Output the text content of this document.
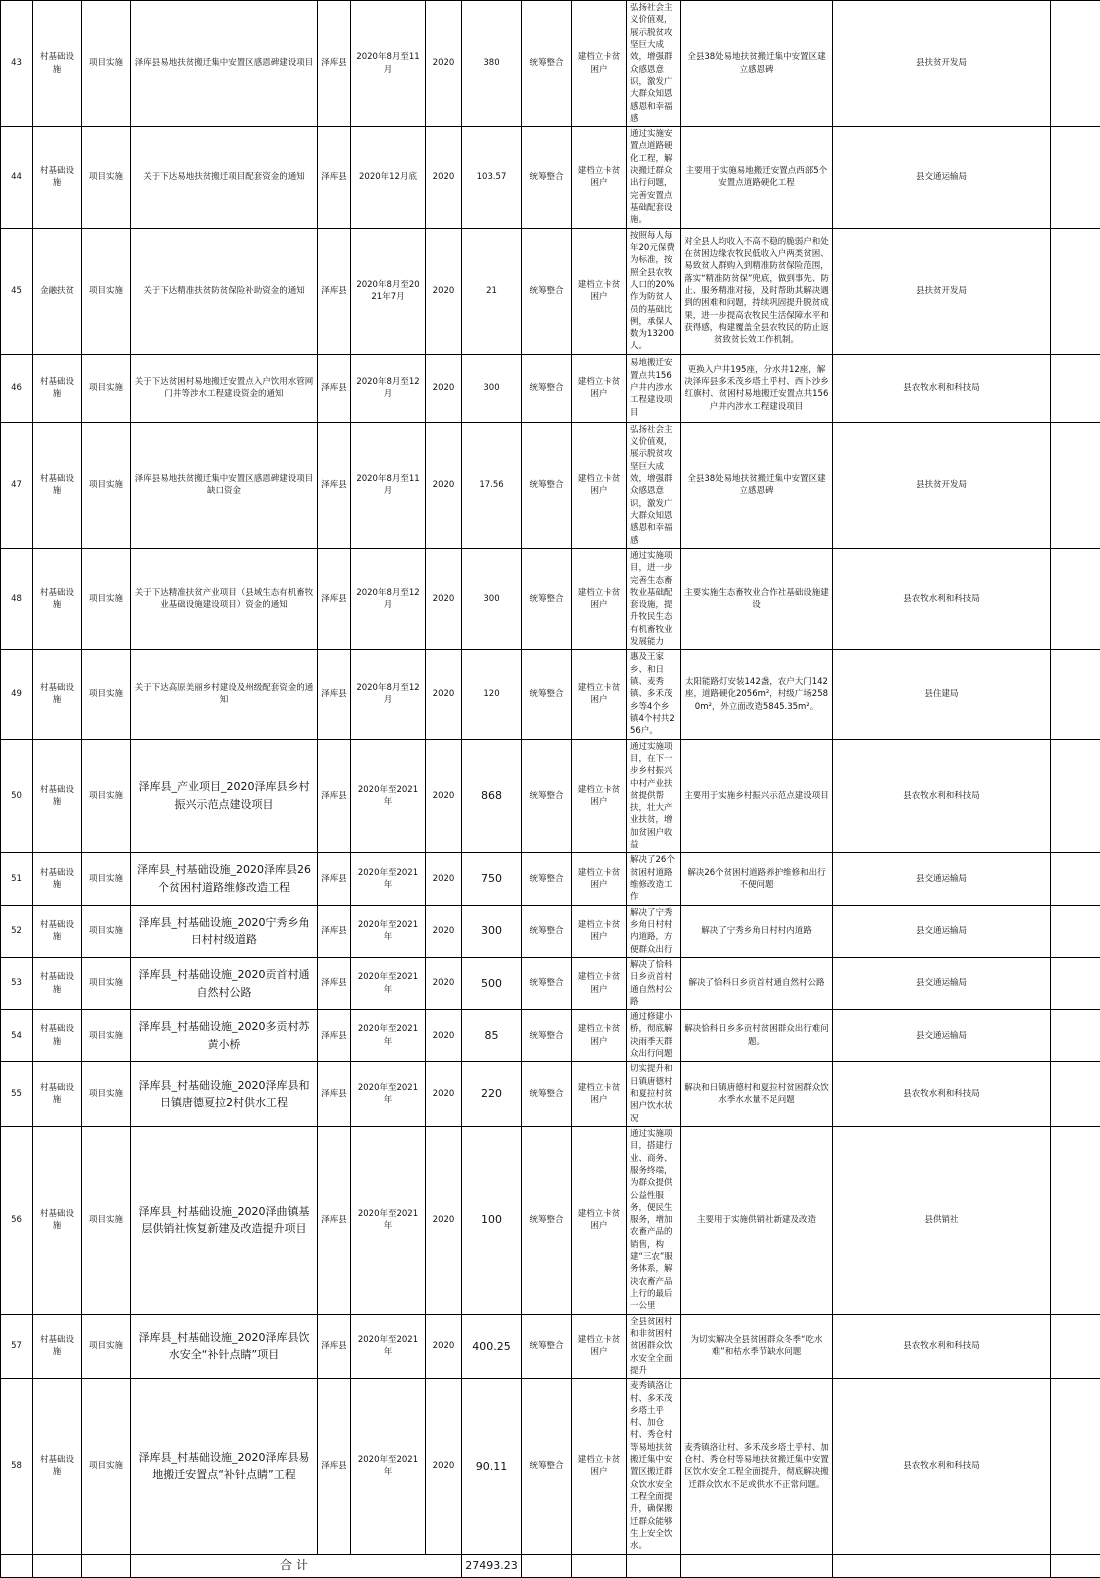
43	村基础设施	项目实施	泽库县易地扶贫搬迁集中安置区感恩碑建设项目	泽库县	2020年8月至11月	2020	380	统筹整合	建档立卡贫困户	弘扬社会主义价值观，展示脱贫攻坚巨大成效，增强群众感恩意识，激发广大群众知恩感恩和幸福感	全县38处易地扶贫搬迁集中安置区建立感恩碑	县扶贫开发局		
44	村基础设施	项目实施	关于下达易地扶贫搬迁项目配套资金的通知	泽库县	2020年12月底	2020	103.57	统筹整合	建档立卡贫困户	通过实施安置点道路硬化工程，解决搬迁群众出行问题，完善安置点基础配套设施。	主要用于实施易地搬迁安置点西部5个安置点道路硬化工程	县交通运输局		
45	金融扶贫	项目实施	关于下达精准扶贫防贫保险补助资金的通知	泽库县	2020年8月至2021年7月	2020	21	统筹整合	建档立卡贫困户	按照每人每年20元保费为标准，按照全县农牧人口的20%作为防贫人员的基础比例，承保人数为13200人。	对全县人均收入不高不稳的脆弱户和处在贫困边缘农牧民低收入户两类贫困、易致贫人群购入到精准防贫保险范围，落实“精准防贫保”兜底，做到事先、防止、服务精准对接，及时帮助其解决遇到的困难和问题，持续巩固提升脱贫成果，进一步提高农牧民生活保障水平和获得感，构建覆盖全县农牧民的防止返贫致贫长效工作机制。	县扶贫开发局		
46	村基础设施	项目实施	关于下达贫困村易地搬迁安置点入户饮用水管网门井等涉水工程建设资金的通知	泽库县	2020年8月至12月	2020	300	统筹整合	建档立卡贫困户	易地搬迁安置点共156户井内涉水工程建设项目	更换入户井195座，分水井12座，解决泽库县多禾茂乡塔土乎村、西卜沙乡红旗村、贫困村易地搬迁安置点共156户井内涉水工程建设项目	县农牧水利和科技局		
47	村基础设施	项目实施	泽库县易地扶贫搬迁集中安置区感恩碑建设项目缺口资金	泽库县	2020年8月至11月	2020	17.56	统筹整合	建档立卡贫困户	弘扬社会主义价值观，展示脱贫攻坚巨大成效，增强群众感恩意识，激发广大群众知恩感恩和幸福感	全县38处易地扶贫搬迁集中安置区建立感恩碑	县扶贫开发局		
48	村基础设施	项目实施	关于下达精准扶贫产业项目（县域生态有机畜牧业基础设施建设项目）资金的通知	泽库县	2020年8月至12月	2020	300	统筹整合	建档立卡贫困户	通过实施项目，进一步完善生态畜牧业基础配套设施，提升牧民生态有机畜牧业发展能力	主要实施生态畜牧业合作社基础设施建设	县农牧水利和科技局		
49	村基础设施	项目实施	关于下达高原美丽乡村建设及州级配套资金的通知	泽库县	2020年8月至12月	2020	120	统筹整合	建档立卡贫困户	惠及王家乡、和日镇、麦秀镇、多禾茂乡等4个乡镇4个村共256户。	太阳能路灯安装142盏，农户大门142座，道路硬化2056m²，村级广场2580m²，外立面改造5845.35m²。	县住建局		
50	村基础设施	项目实施	泽库县_产业项目_2020泽库县乡村振兴示范点建设项目	泽库县	2020年至2021年	2020	868	统筹整合	建档立卡贫困户	通过实施项目，在下一步乡村振兴中村产业扶贫提供帮扶，壮大产业扶贫，增加贫困户收益	主要用于实施乡村振兴示范点建设项目	县农牧水利和科技局		
51	村基础设施	项目实施	泽库县_村基础设施_2020泽库县26个贫困村道路维修改造工程	泽库县	2020年至2021年	2020	750	统筹整合	建档立卡贫困户	解决了26个贫困村道路维修改造工作	解决26个贫困村道路养护维修和出行不便问题	县交通运输局		
52	村基础设施	项目实施	泽库县_村基础设施_2020宁秀乡角日村村级道路	泽库县	2020年至2021年	2020	300	统筹整合	建档立卡贫困户	解决了宁秀乡角日村村内道路，方便群众出行	解决了宁秀乡角日村村内道路	县交通运输局		
53	村基础设施	项目实施	泽库县_村基础设施_2020贡首村通自然村公路	泽库县	2020年至2021年	2020	500	统筹整合	建档立卡贫困户	解决了恰科日乡贡首村通自然村公路	解决了恰科日乡贡首村通自然村公路	县交通运输局		
54	村基础设施	项目实施	泽库县_村基础设施_2020多贡村苏黄小桥	泽库县	2020年至2021年	2020	85	统筹整合	建档立卡贫困户	通过修建小桥，彻底解决雨季天群众出行问题	解决恰科日乡多贡村贫困群众出行难问题。	县交通运输局		
55	村基础设施	项目实施	泽库县_村基础设施_2020泽库县和日镇唐德夏拉2村供水工程	泽库县	2020年至2021年	2020	220	统筹整合	建档立卡贫困户	切实提升和日镇唐德村和夏拉村贫困户饮水状况	解决和日镇唐德村和夏拉村贫困群众饮水季水水量不足问题	县农牧水利和科技局		
56	村基础设施	项目实施	泽库县_村基础设施_2020泽曲镇基层供销社恢复新建及改造提升项目	泽库县	2020年至2021年	2020	100	统筹整合	建档立卡贫困户	通过实施项目，搭建行业、商务、服务终端，为群众提供公益性服务，便民生服务，增加农畜产品的销售，构建“三农”服务体系，解决农畜产品上行的最后一公里	主要用于实施供销社新建及改造	县供销社		
57	村基础设施	项目实施	泽库县_村基础设施_2020泽库县饮水安全“补针点睛”项目	泽库县	2020年至2021年	2020	400.25	统筹整合	建档立卡贫困户	全县贫困村和非贫困村贫困群众饮水安全全面提升	为切实解决全县贫困群众冬季“吃水难”和枯水季节缺水问题	县农牧水利和科技局		
58	村基础设施	项目实施	泽库县_村基础设施_2020泽库县易地搬迁安置点“补针点睛”工程	泽库县	2020年至2021年	2020	90.11	统筹整合	建档立卡贫困户	麦秀镇洛让村、多禾茂乡塔土乎村、加仓村、秀仓村等易地扶贫搬迁集中安置区搬迁群众饮水安全工程全面提升，确保搬迁群众能够生上安全饮水。	麦秀镇洛让村、多禾茂乡塔土乎村、加仓村、秀仓村等易地扶贫搬迁集中安置区饮水安全工程全面提升，彻底解决搬迁群众饮水不足或供水不正常问题。	县农牧水利和科技局		
			合计				27493.23							
